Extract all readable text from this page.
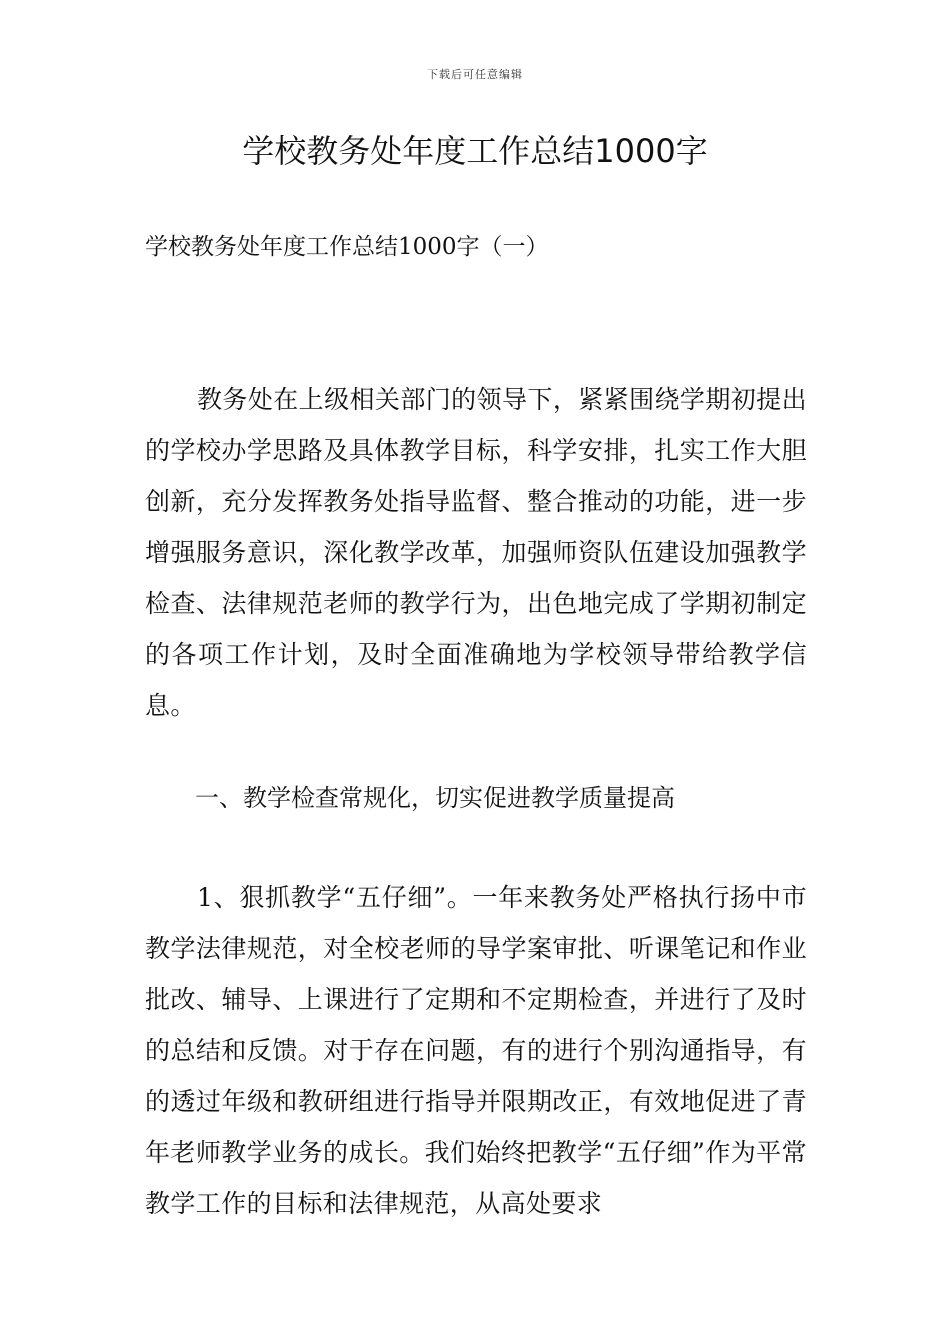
下载后可任意编辑
学校教务处年度工作总结1000字

学校教务处年度工作总结1000字（一）

教务处在上级相关部门的领导下，紧紧围绕学期初提出的学校办学思路及具体教学目标，科学安排，扎实工作大胆创新，充分发挥教务处指导监督、整合推动的功能，进一步增强服务意识，深化教学改革，加强师资队伍建设加强教学检查、法律规范老师的教学行为，出色地完成了学期初制定的各项工作计划，及时全面准确地为学校领导带给教学信息。

一、教学检查常规化，切实促进教学质量提高

1、狠抓教学“五仔细”。一年来教务处严格执行扬中市教学法律规范，对全校老师的导学案审批、听课笔记和作业批改、辅导、上课进行了定期和不定期检查，并进行了及时的总结和反馈。对于存在问题，有的进行个别沟通指导，有的透过年级和教研组进行指导并限期改正，有效地促进了青年老师教学业务的成长。我们始终把教学“五仔细”作为平常教学工作的目标和法律规范，从高处要求
